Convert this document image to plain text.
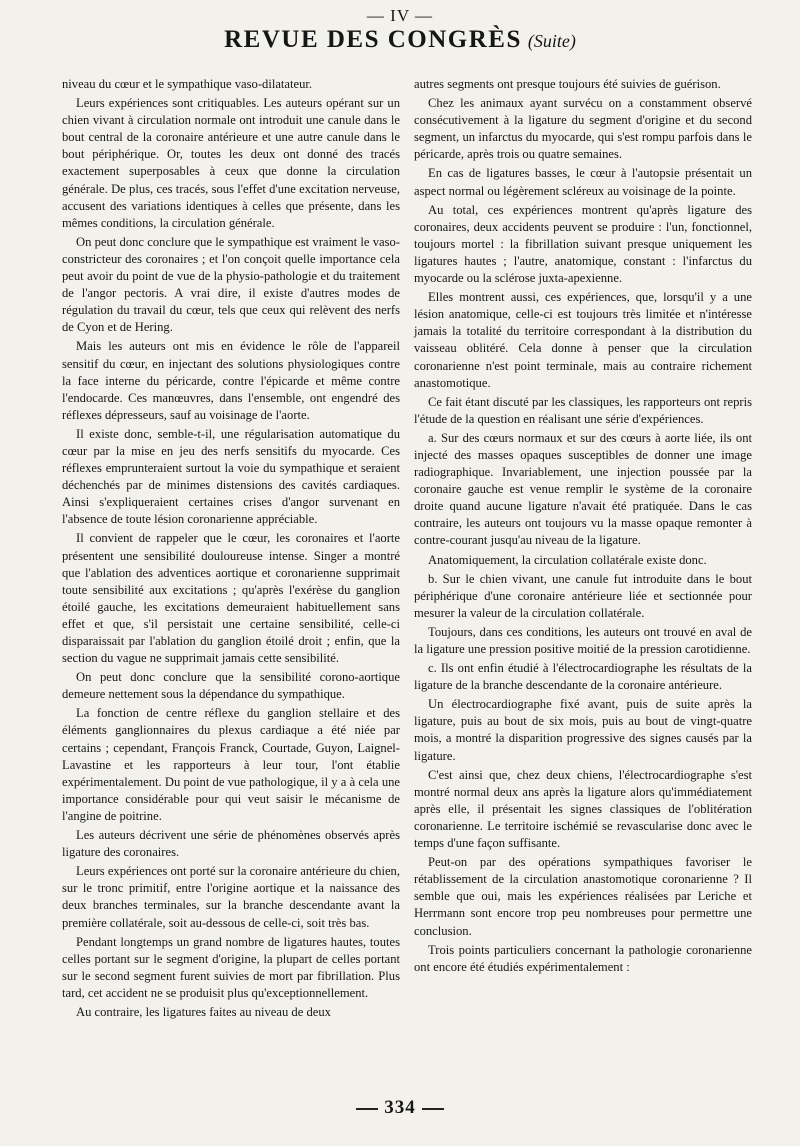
— IV —
REVUE DES CONGRÈS (Suite)

niveau du cœur et le sympathique vaso-dilatateur.

Leurs expériences sont critiquables. Les auteurs opérant sur un chien vivant à circulation normale ont introduit une canule dans le bout central de la coronaire antérieure et une autre canule dans le bout périphérique. Or, toutes les deux ont donné des tracés exactement superposables à ceux que donne la circulation générale. De plus, ces tracés, sous l'effet d'une excitation nerveuse, accusent des variations identiques à celles que présente, dans les mêmes conditions, la circulation générale.

On peut donc conclure que le sympathique est vraiment le vaso-constricteur des coronaires ; et l'on conçoit quelle importance cela peut avoir du point de vue de la physio-pathologie et du traitement de l'angor pectoris. A vrai dire, il existe d'autres modes de régulation du travail du cœur, tels que ceux qui relèvent des nerfs de Cyon et de Hering.

Mais les auteurs ont mis en évidence le rôle de l'appareil sensitif du cœur, en injectant des solutions physiologiques contre la face interne du péricarde, contre l'épicarde et même contre l'endocarde. Ces manœuvres, dans l'ensemble, ont engendré des réflexes dépresseurs, sauf au voisinage de l'aorte.

Il existe donc, semble-t-il, une régularisation automatique du cœur par la mise en jeu des nerfs sensitifs du myocarde. Ces réflexes emprunteraient surtout la voie du sympathique et seraient déchenchés par de minimes distensions des cavités cardiaques. Ainsi s'expliqueraient certaines crises d'angor survenant en l'absence de toute lésion coronarienne appréciable.

Il convient de rappeler que le cœur, les coronaires et l'aorte présentent une sensibilité douloureuse intense. Singer a montré que l'ablation des adventices aortique et coronarienne supprimait toute sensibilité aux excitations ; qu'après l'exérèse du ganglion étoilé gauche, les excitations demeuraient habituellement sans effet et que, s'il persistait une certaine sensibilité, celle-ci disparaissait par l'ablation du ganglion étoilé droit ; enfin, que la section du vague ne supprimait jamais cette sensibilité.

On peut donc conclure que la sensibilité corono-aortique demeure nettement sous la dépendance du sympathique.

La fonction de centre réflexe du ganglion stellaire et des éléments ganglionnaires du plexus cardiaque a été niée par certains ; cependant, François Franck, Courtade, Guyon, Laignel-Lavastine et les rapporteurs à leur tour, l'ont établie expérimentalement. Du point de vue pathologique, il y a à cela une importance considérable pour qui veut saisir le mécanisme de l'angine de poitrine.

Les auteurs décrivent une série de phénomènes observés après ligature des coronaires.

Leurs expériences ont porté sur la coronaire antérieure du chien, sur le tronc primitif, entre l'origine aortique et la naissance des deux branches terminales, sur la branche descendante avant la première collatérale, soit au-dessous de celle-ci, soit très bas.

Pendant longtemps un grand nombre de ligatures hautes, toutes celles portant sur le segment d'origine, la plupart de celles portant sur le second segment furent suivies de mort par fibrillation. Plus tard, cet accident ne se produisit plus qu'exceptionnellement.

Au contraire, les ligatures faites au niveau de deux

autres segments ont presque toujours été suivies de guérison.

Chez les animaux ayant survécu on a constamment observé consécutivement à la ligature du segment d'origine et du second segment, un infarctus du myocarde, qui s'est rompu parfois dans le péricarde, après trois ou quatre semaines.

En cas de ligatures basses, le cœur à l'autopsie présentait un aspect normal ou légèrement scléreux au voisinage de la pointe.

Au total, ces expériences montrent qu'après ligature des coronaires, deux accidents peuvent se produire : l'un, fonctionnel, toujours mortel : la fibrillation suivant presque uniquement les ligatures hautes ; l'autre, anatomique, constant : l'infarctus du myocarde ou la sclérose juxta-apexienne.

Elles montrent aussi, ces expériences, que, lorsqu'il y a une lésion anatomique, celle-ci est toujours très limitée et n'intéresse jamais la totalité du territoire correspondant à la distribution du vaisseau oblitéré. Cela donne à penser que la circulation coronarienne n'est point terminale, mais au contraire richement anastomotique.

Ce fait étant discuté par les classiques, les rapporteurs ont repris l'étude de la question en réalisant une série d'expériences.

a. Sur des cœurs normaux et sur des cœurs à aorte liée, ils ont injecté des masses opaques susceptibles de donner une image radiographique. Invariablement, une injection poussée par la coronaire gauche est venue remplir le système de la coronaire droite quand aucune ligature n'avait été pratiquée. Dans le cas contraire, les auteurs ont toujours vu la masse opaque remonter à contre-courant jusqu'au niveau de la ligature.

Anatomiquement, la circulation collatérale existe donc.

b. Sur le chien vivant, une canule fut introduite dans le bout périphérique d'une coronaire antérieure liée et sectionnée pour mesurer la valeur de la circulation collatérale.

Toujours, dans ces conditions, les auteurs ont trouvé en aval de la ligature une pression positive moitié de la pression carotidienne.

c. Ils ont enfin étudié à l'électrocardiographe les résultats de la ligature de la branche descendante de la coronaire antérieure.

Un électrocardiographe fixé avant, puis de suite après la ligature, puis au bout de six mois, puis au bout de vingt-quatre mois, a montré la disparition progressive des signes causés par la ligature.

C'est ainsi que, chez deux chiens, l'électrocardiographe s'est montré normal deux ans après la ligature alors qu'immédiatement après elle, il présentait les signes classiques de l'oblitération coronarienne. Le territoire ischémié se revascularise donc avec le temps d'une façon suffisante.

Peut-on par des opérations sympathiques favoriser le rétablissement de la circulation anastomotique coronarienne ? Il semble que oui, mais les expériences réalisées par Leriche et Herrmann sont encore trop peu nombreuses pour permettre une conclusion.

Trois points particuliers concernant la pathologie coronarienne ont encore été étudiés expérimentalement :

334
